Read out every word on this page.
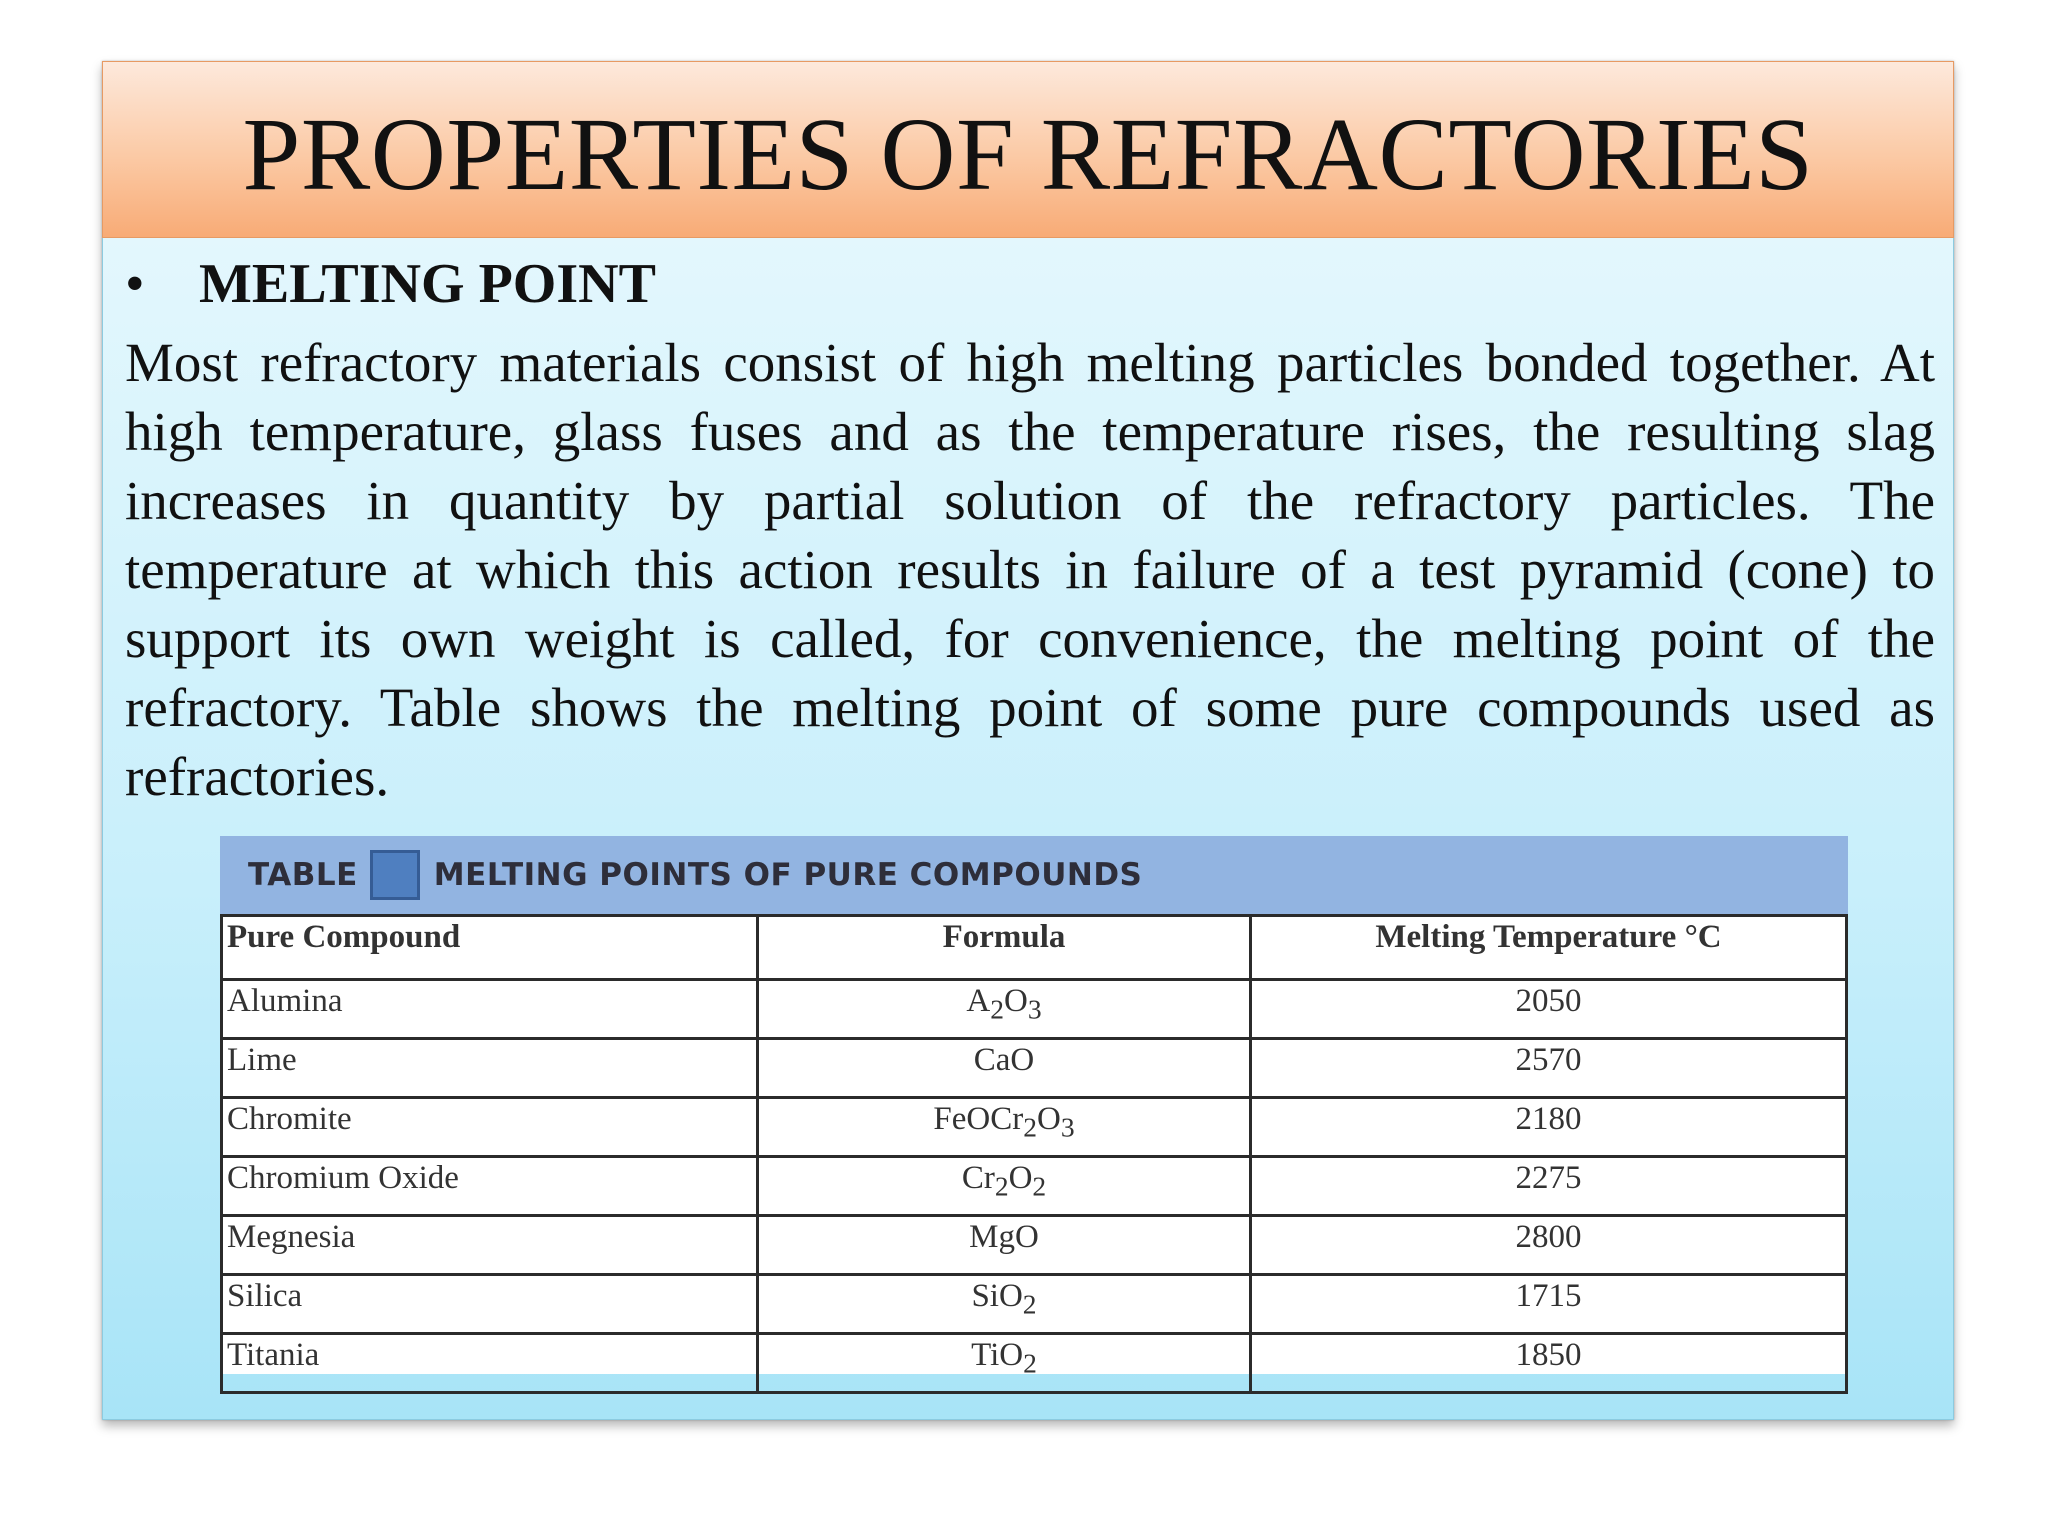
PROPERTIES OF REFRACTORIES
• MELTING POINT

Most refractory materials consist of high melting particles bonded together. At high temperature, glass fuses and as the temperature rises, the resulting slag increases in quantity by partial solution of the refractory particles. The temperature at which this action results in failure of a test pyramid (cone) to support its own weight is called, for convenience, the melting point of the refractory. Table shows the melting point of some pure compounds used as refractories.

TABLE MELTING POINTS OF PURE COMPOUNDS
Pure Compound	Formula	Melting Temperature °C
Alumina	$A_2O_3$	2050
Lime	CaO	2570
Chromite	$FeOCr_2O_3$	2180
Chromium Oxide	$Cr_2O_2$	2275
Megnesia	MgO	2800
Silica	SiO$_2$	1715
Titania	TiO$_2$	1850
